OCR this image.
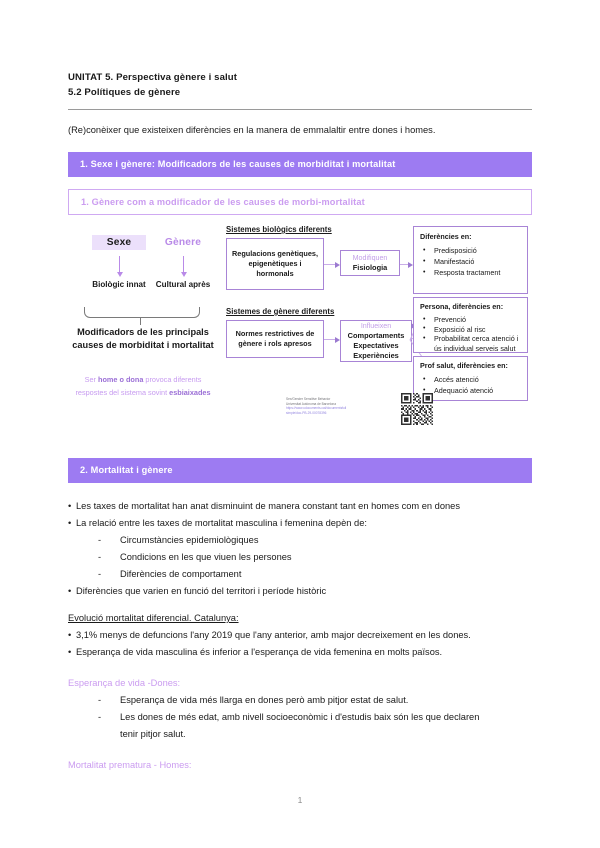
UNITAT 5. Perspectiva gènere i salut
5.2 Polítiques de gènere
(Re)conèixer que existeixen diferències en la manera de emmalaltir entre dones i homes.
1. Sexe i gènere: Modificadors de les causes de morbiditat i mortalitat
1. Gènere com a modificador de les causes de morbi-mortalitat
Sexe	Gènere
Biològic innat	Cultural après
Modificadors de les principals causes de morbiditat i mortalitat
Ser home o dona provoca diferents respostes del sistema sovint esbiaixades
Sistemes biològics diferents
Sistemes de gènere diferents
Regulacions genètiques, epigenètiques i hormonals
Normes restrictives de gènere i rols apresos
Modifiquen
Fisiologia
Influeixen
Comportaments
Expectatives
Experiències
Diferències en:
• Predisposició
• Manifestació
• Resposta tractament
Persona, diferències en:
• Prevenció
• Exposició al risc
• Probabilitat cerca atenció i ús individual serveis salut
Prof salut, diferències en:
• Accés atenció
• Adequació atenció
Sex/Gender Sensitive Behavior
Universitat Autònoma de Barcelona
https://www.udocuments.cat/documentsfull
simple/doc-PB-29-00078396
2. Mortalitat i gènere
• Les taxes de mortalitat han anat disminuint de manera constant tant en homes com en dones
• La relació entre les taxes de mortalitat masculina i femenina depèn de:
- Circumstàncies epidemiològiques
- Condicions en les que viuen les persones
- Diferències de comportament
• Diferències que varien en funció del territori i període històric
Evolució mortalitat diferencial. Catalunya:
• 3,1% menys de defuncions l'any 2019 que l'any anterior, amb major decreixement en les dones.
• Esperança de vida masculina és inferior a l'esperança de vida femenina en molts països.
Esperança de vida -Dones:
- Esperança de vida més llarga en dones però amb pitjor estat de salut.
- Les dones de més edat, amb nivell socioeconòmic i d'estudis baix són les que declaren
tenir pitjor salut.
Mortalitat prematura - Homes:
1
